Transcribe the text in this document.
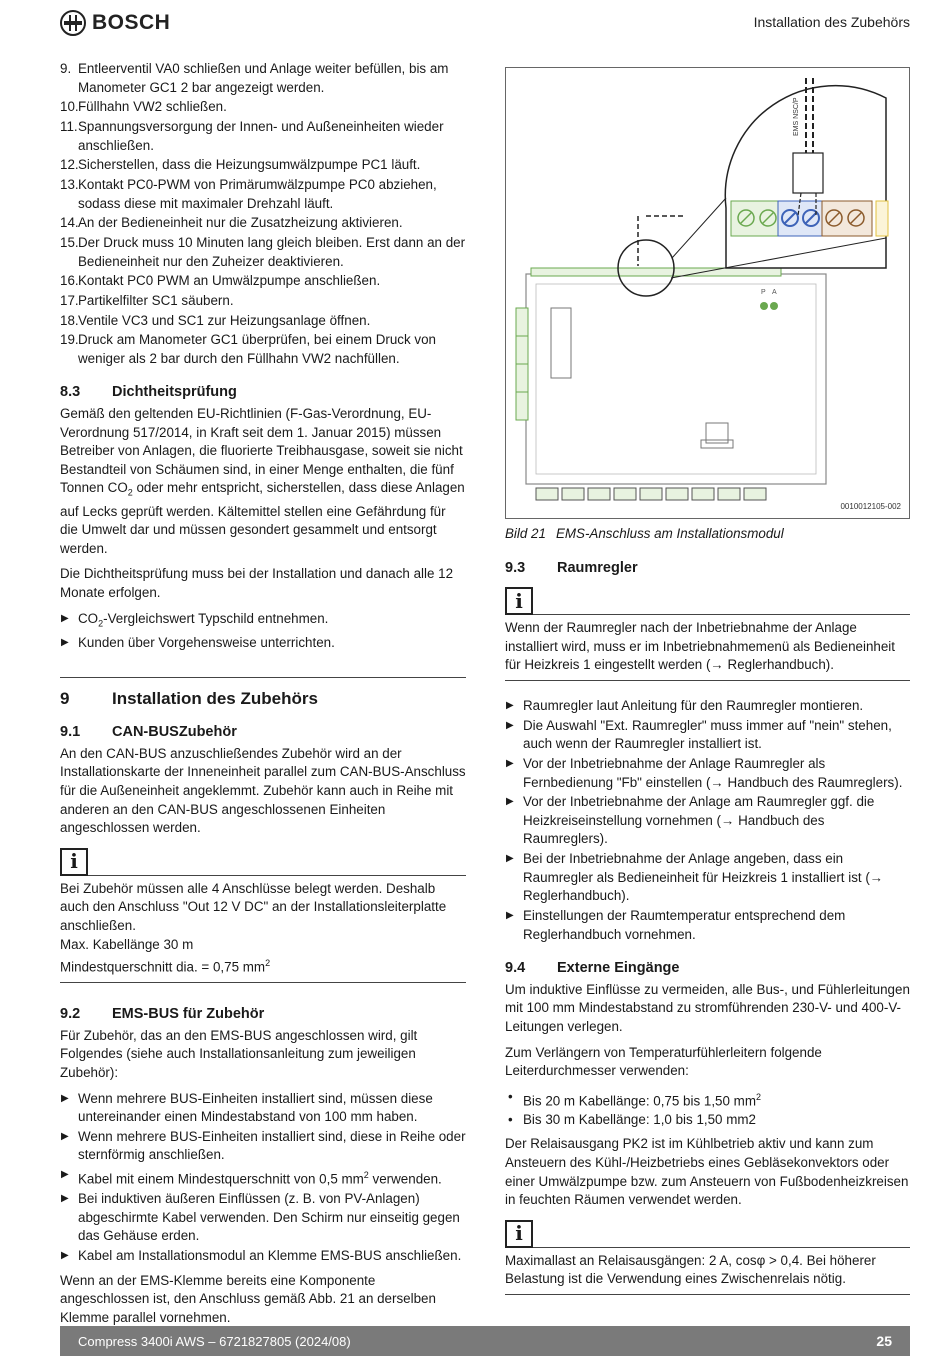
BOSCH	Installation des Zubehörs
9. Entleerventil VA0 schließen und Anlage weiter befüllen, bis am Manometer GC1 2 bar angezeigt werden.
10. Füllhahn VW2 schließen.
11. Spannungsversorgung der Innen- und Außeneinheiten wieder anschließen.
12. Sicherstellen, dass die Heizungsumwälzpumpe PC1 läuft.
13. Kontakt PC0-PWM von Primärumwälzpumpe PC0 abziehen, sodass diese mit maximaler Drehzahl läuft.
14. An der Bedieneinheit nur die Zusatzheizung aktivieren.
15. Der Druck muss 10 Minuten lang gleich bleiben. Erst dann an der Bedieneinheit nur den Zuheizer deaktivieren.
16. Kontakt PC0 PWM an Umwälzpumpe anschließen.
17. Partikelfilter SC1 säubern.
18. Ventile VC3 und SC1 zur Heizungsanlage öffnen.
19. Druck am Manometer GC1 überprüfen, bei einem Druck von weniger als 2 bar durch den Füllhahn VW2 nachfüllen.
8.3	Dichtheitsprüfung

Gemäß den geltenden EU-Richtlinien (F-Gas-Verordnung, EU-Verordnung 517/2014, in Kraft seit dem 1. Januar 2015) müssen Betreiber von Anlagen, die fluorierte Treibhausgase, soweit sie nicht Bestandteil von Schäumen sind, in einer Menge enthalten, die fünf Tonnen $CO_2$ oder mehr entspricht, sicherstellen, dass diese Anlagen auf Lecks geprüft werden. Kältemittel stellen eine Gefährdung für die Umwelt dar und müssen gesondert gesammelt und entsorgt werden.

Die Dichtheitsprüfung muss bei der Installation und danach alle 12 Monate erfolgen.

▶ $CO_2$-Vergleichswert Typschild entnehmen.
▶ Kunden über Vorgehensweise unterrichten.
9	Installation des Zubehörs
9.1	CAN-BUSZubehör

An den CAN-BUS anzuschließendes Zubehör wird an der Installationskarte der Inneneinheit parallel zum CAN-BUS-Anschluss für die Außeneinheit angeklemmt. Zubehör kann auch in Reihe mit anderen an den CAN-BUS angeschlossenen Einheiten angeschlossen werden.

i
Bei Zubehör müssen alle 4 Anschlüsse belegt werden. Deshalb auch den Anschluss "Out 12 V DC" an der Installationsleiterplatte anschließen.
Max. Kabellänge 30 m
Mindestquerschnitt dia. = 0,75 $mm^2$
9.2	EMS-BUS für Zubehör

Für Zubehör, das an den EMS-BUS angeschlossen wird, gilt Folgendes (siehe auch Installationsanleitung zum jeweiligen Zubehör):

▶ Wenn mehrere BUS-Einheiten installiert sind, müssen diese untereinander einen Mindestabstand von 100 mm haben.
▶ Wenn mehrere BUS-Einheiten installiert sind, diese in Reihe oder sternförmig anschließen.
▶ Kabel mit einem Mindestquerschnitt von 0,5 $mm^2$ verwenden.
▶ Bei induktiven äußeren Einflüssen (z. B. von PV-Anlagen) abgeschirmte Kabel verwenden. Den Schirm nur einseitig gegen das Gehäuse erden.
▶ Kabel am Installationsmodul an Klemme EMS-BUS anschließen.

Wenn an der EMS-Klemme bereits eine Komponente angeschlossen ist, den Anschluss gemäß Abb. 21 an derselben Klemme parallel vornehmen.

P A
EMS NSC/P
0010012105-002
Bild 21 EMS-Anschluss am Installationsmodul
9.3	Raumregler
i
Wenn der Raumregler nach der Inbetriebnahme der Anlage installiert wird, muss er im Inbetriebnahmemenü als Bedieneinheit für Heizkreis 1 eingestellt werden (→ Reglerhandbuch).
▶ Raumregler laut Anleitung für den Raumregler montieren.
▶ Die Auswahl "Ext. Raumregler" muss immer auf "nein" stehen, auch wenn der Raumregler installiert ist.
▶ Vor der Inbetriebnahme der Anlage Raumregler als Fernbedienung "Fb" einstellen (→ Handbuch des Raumreglers).
▶ Vor der Inbetriebnahme der Anlage am Raumregler ggf. die Heizkreiseinstellung vornehmen (→ Handbuch des Raumreglers).
▶ Bei der Inbetriebnahme der Anlage angeben, dass ein Raumregler als Bedieneinheit für Heizkreis 1 installiert ist (→ Reglerhandbuch).
▶ Einstellungen der Raumtemperatur entsprechend dem Reglerhandbuch vornehmen.
9.4	Externe Eingänge

Um induktive Einflüsse zu vermeiden, alle Bus-, und Fühlerleitungen mit 100 mm Mindestabstand zu stromführenden 230-V- und 400-V-Leitungen verlegen.

Zum Verlängern von Temperaturfühlerleitern folgende Leiterdurchmesser verwenden:

• Bis 20 m Kabellänge: 0,75 bis 1,50 $mm^2$
• Bis 30 m Kabellänge: 1,0 bis 1,50 mm2

Der Relaisausgang PK2 ist im Kühlbetrieb aktiv und kann zum Ansteuern des Kühl-/Heizbetriebs eines Gebläsekonvektors oder einer Umwälzpumpe bzw. zum Ansteuern von Fußbodenheizkreisen in feuchten Räumen verwendet werden.

i
Maximallast an Relaisausgängen: 2 A, cosφ > 0,4. Bei höherer Belastung ist die Verwendung eines Zwischenrelais nötig.
Compress 3400i AWS – 6721827805 (2024/08)	25
